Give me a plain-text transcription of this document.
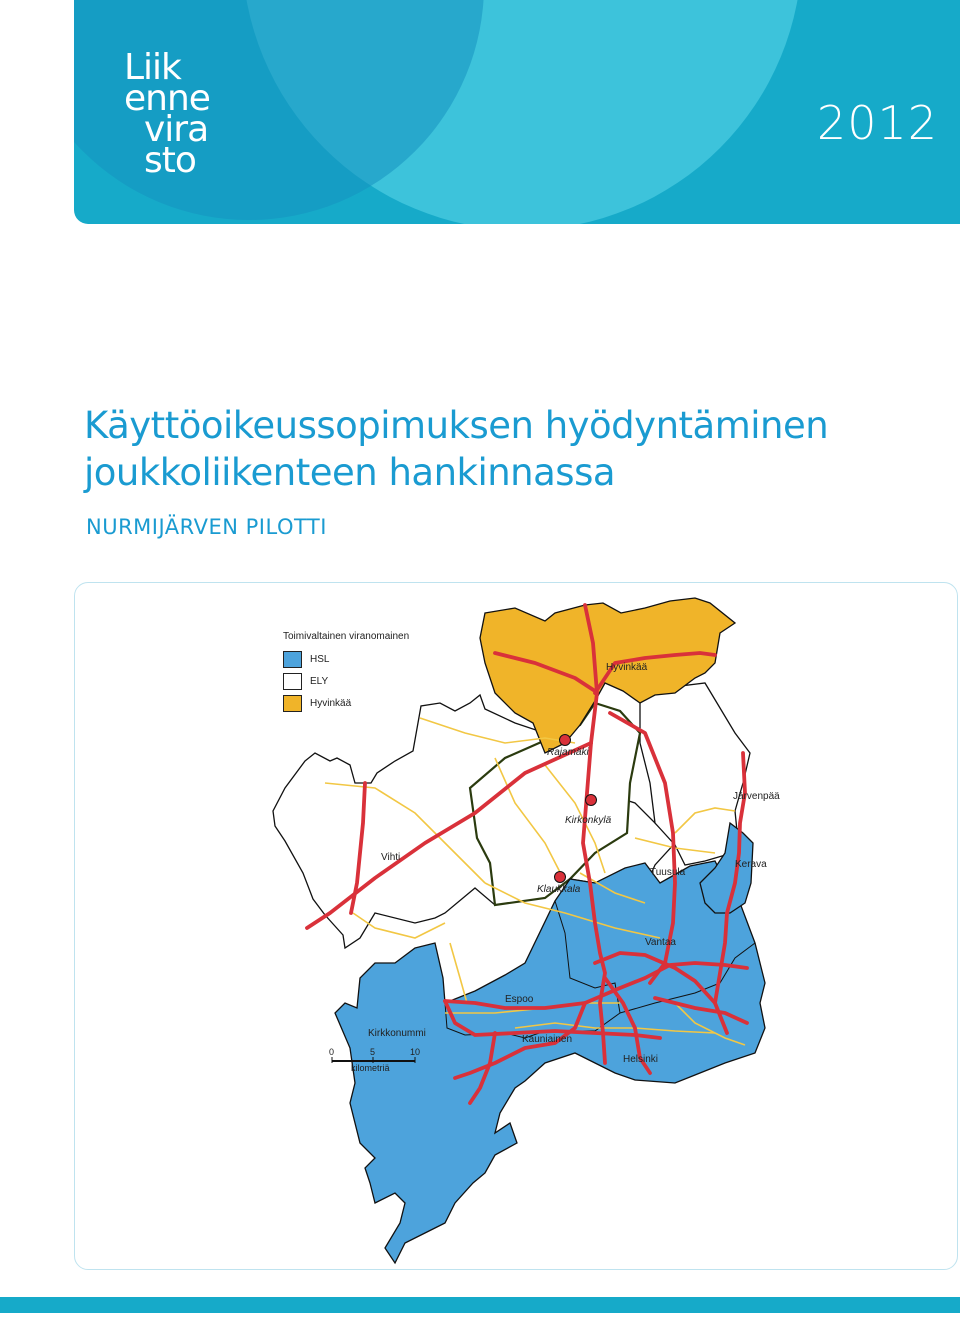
Liik
enne
vira
sto
2012
Käyttöoikeussopimuksen hyödyntäminen
joukkoliikenteen hankinnassa
NURMIJÄRVEN PILOTTI
Hyvinkää
Rajamäki
Järvenpää
Kirkonkylä
Vihti
Tuusula
Kerava
Klaukkala
Vantaa
Espoo
Kirkkonummi
Kauniainen
Helsinki
0	5	10
kilometriä
Toimivaltainen viranomainen
HSL
ELY
Hyvinkää
